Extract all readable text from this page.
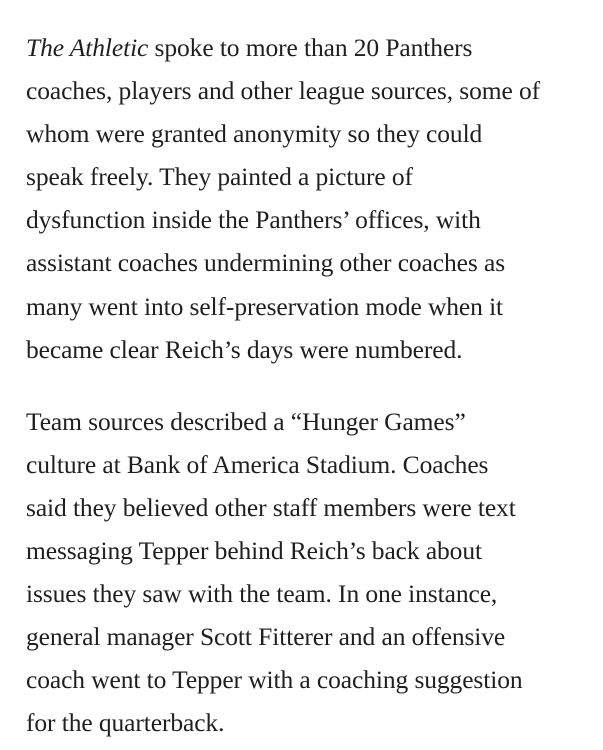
The Athletic spoke to more than 20 Panthers
coaches, players and other league sources, some of
whom were granted anonymity so they could
speak freely. They painted a picture of
dysfunction inside the Panthers’ offices, with
assistant coaches undermining other coaches as
many went into self-preservation mode when it
became clear Reich’s days were numbered.

Team sources described a “Hunger Games”
culture at Bank of America Stadium. Coaches
said they believed other staff members were text
messaging Tepper behind Reich’s back about
issues they saw with the team. In one instance,
general manager Scott Fitterer and an offensive
coach went to Tepper with a coaching suggestion
for the quarterback.
